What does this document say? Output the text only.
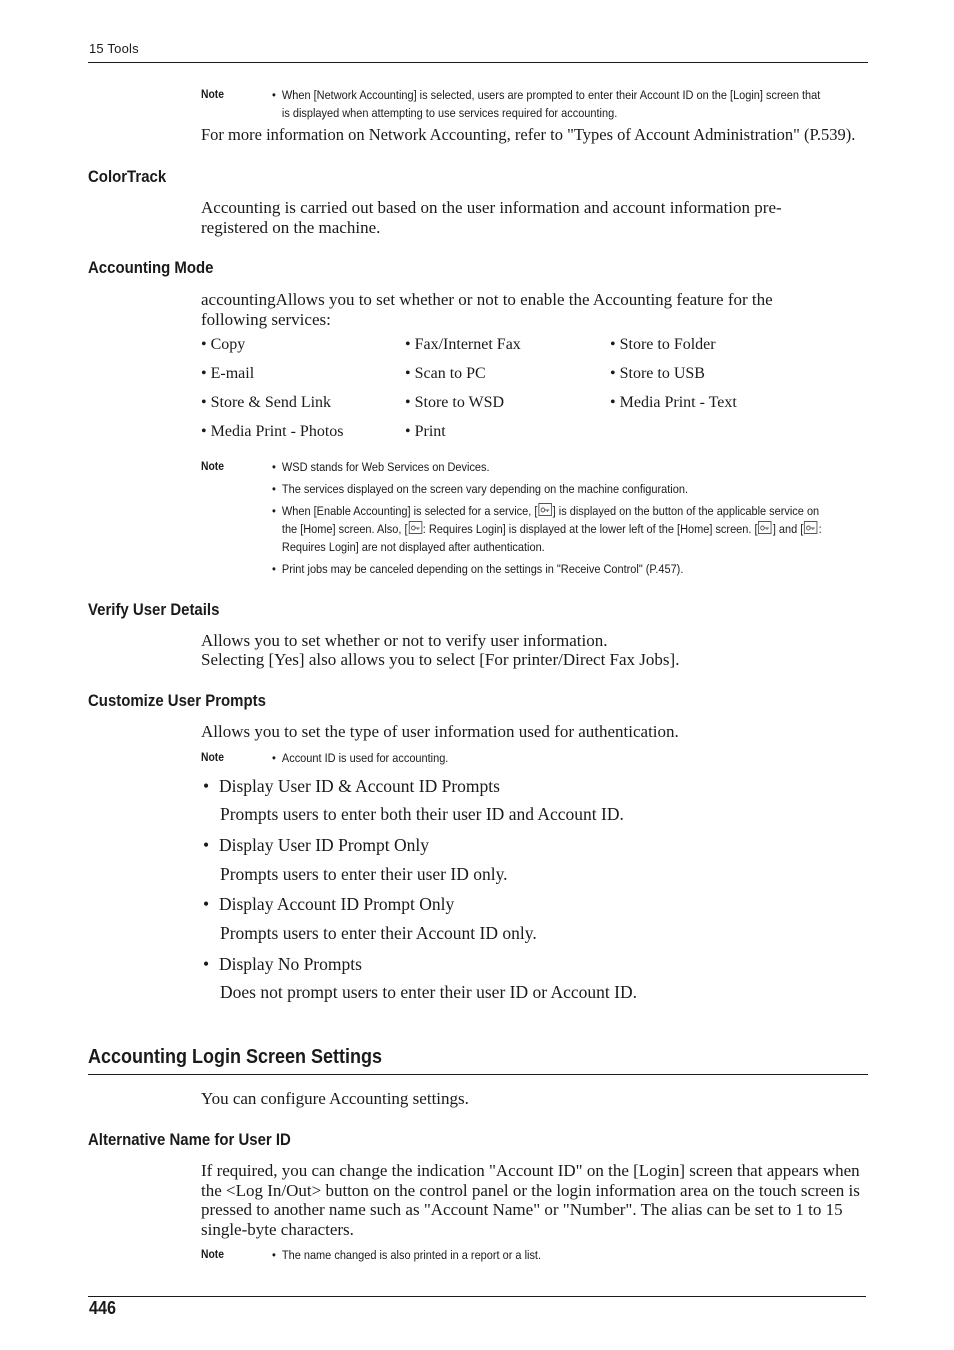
15 Tools
Note	• When [Network Accounting] is selected, users are prompted to enter their Account ID on the [Login] screen that is displayed when attempting to use services required for accounting.
For more information on Network Accounting, refer to "Types of Account Administration" (P.539).
ColorTrack
Accounting is carried out based on the user information and account information pre-registered on the machine.
Accounting Mode
accountingAllows you to set whether or not to enable the Accounting feature for the following services:
• Copy	• Fax/Internet Fax	• Store to Folder
• E-mail	• Scan to PC	• Store to USB
• Store & Send Link	• Store to WSD	• Media Print - Text
• Media Print - Photos	• Print
Note	• WSD stands for Web Services on Devices.
• The services displayed on the screen vary depending on the machine configuration.
• When [Enable Accounting] is selected for a service, [ ] is displayed on the button of the applicable service on the [Home] screen. Also, [ : Requires Login] is displayed at the lower left of the [Home] screen. [ ] and [ : Requires Login] are not displayed after authentication.
• Print jobs may be canceled depending on the settings in "Receive Control" (P.457).
Verify User Details
Allows you to set whether or not to verify user information.
Selecting [Yes] also allows you to select [For printer/Direct Fax Jobs].
Customize User Prompts
Allows you to set the type of user information used for authentication.
Note	• Account ID is used for accounting.
• Display User ID & Account ID Prompts
Prompts users to enter both their user ID and Account ID.
• Display User ID Prompt Only
Prompts users to enter their user ID only.
• Display Account ID Prompt Only
Prompts users to enter their Account ID only.
• Display No Prompts
Does not prompt users to enter their user ID or Account ID.
Accounting Login Screen Settings
You can configure Accounting settings.
Alternative Name for User ID
If required, you can change the indication "Account ID" on the [Login] screen that appears when the <Log In/Out> button on the control panel or the login information area on the touch screen is pressed to another name such as "Account Name" or "Number". The alias can be set to 1 to 15 single-byte characters.
Note	• The name changed is also printed in a report or a list.
446
